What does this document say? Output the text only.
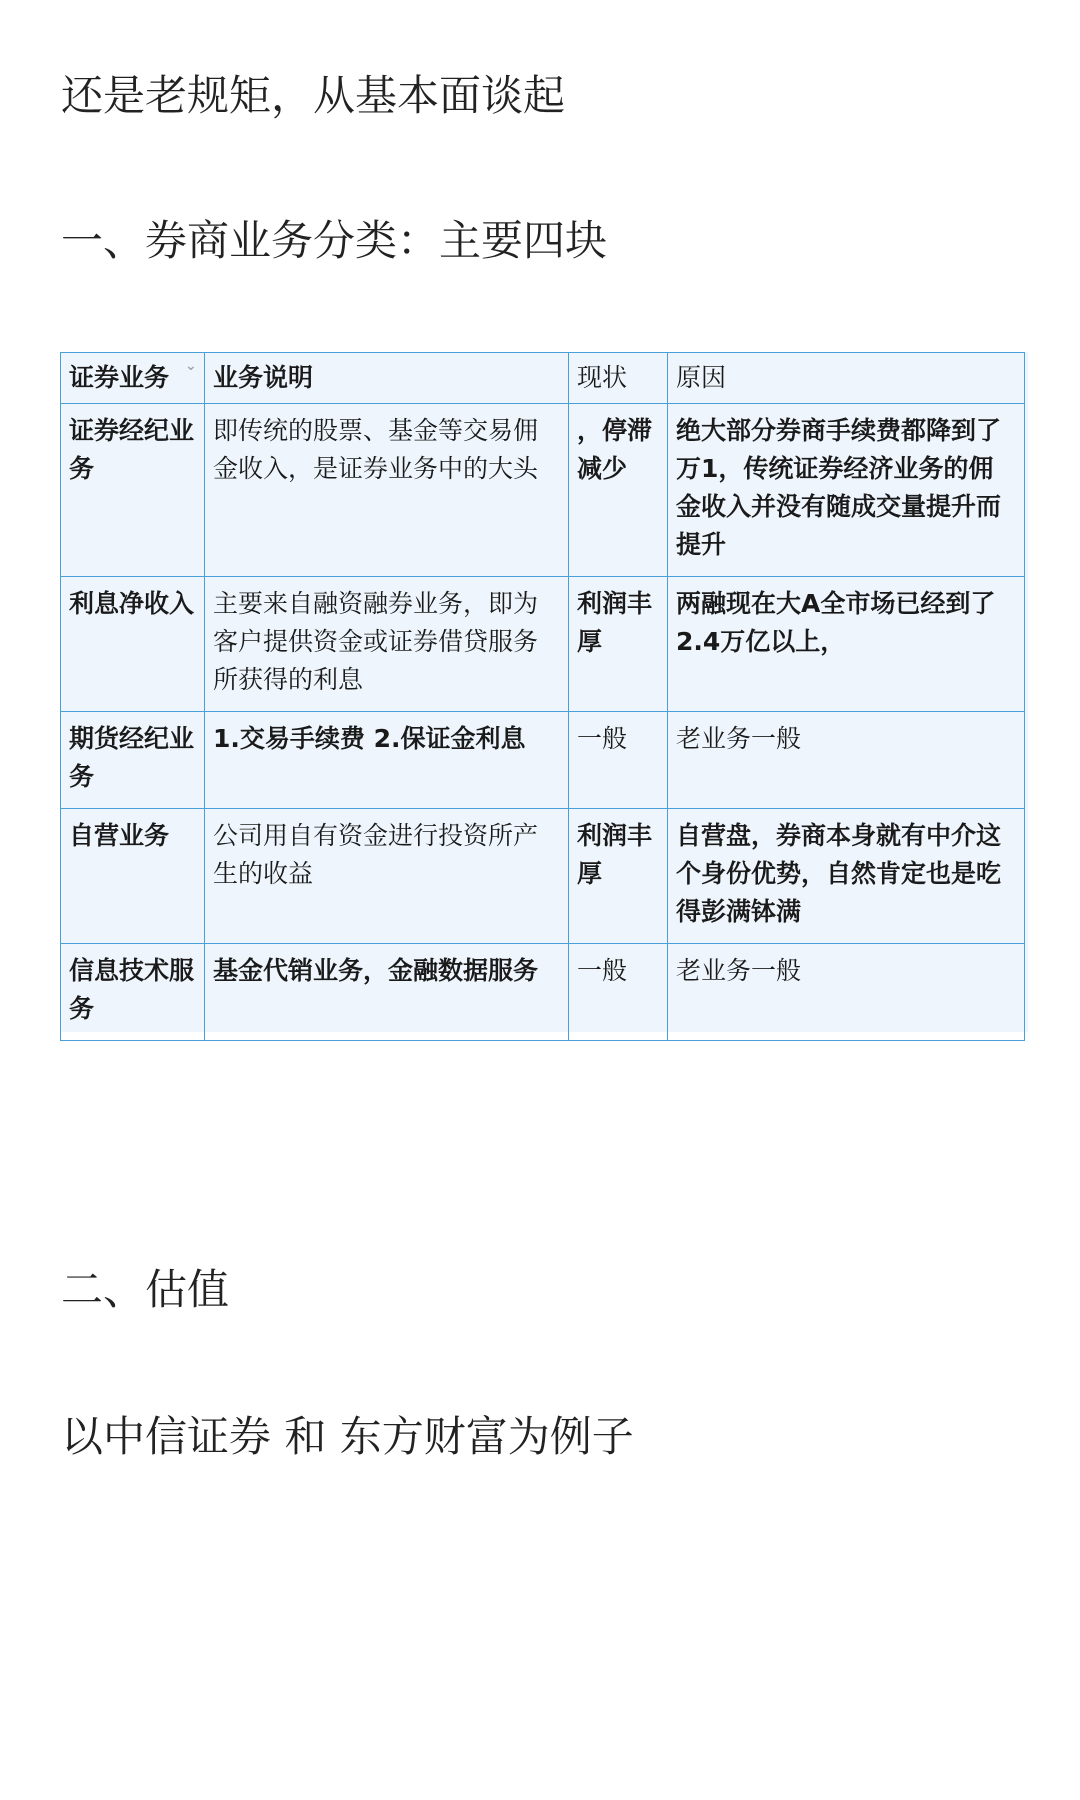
还是老规矩，从基本面谈起

一、券商业务分类：主要四块
证券业务 ⌄	业务说明	现状	原因
证券经纪业务	即传统的股票、基金等交易佣金收入，是证券业务中的大头	，停滞减少	绝大部分券商手续费都降到了万1，传统证券经济业务的佣金收入并没有随成交量提升而提升
利息净收入	主要来自融资融券业务，即为客户提供资金或证券借贷服务所获得的利息	利润丰厚	两融现在大A全市场已经到了2.4万亿以上，
期货经纪业务	1.交易手续费 2.保证金利息	一般	老业务一般
自营业务	公司用自有资金进行投资所产生的收益	利润丰厚	自营盘，券商本身就有中介这个身份优势，自然肯定也是吃得彭满钵满
信息技术服务	基金代销业务，金融数据服务	一般	老业务一般
二、估值

以中信证券 和 东方财富为例子
